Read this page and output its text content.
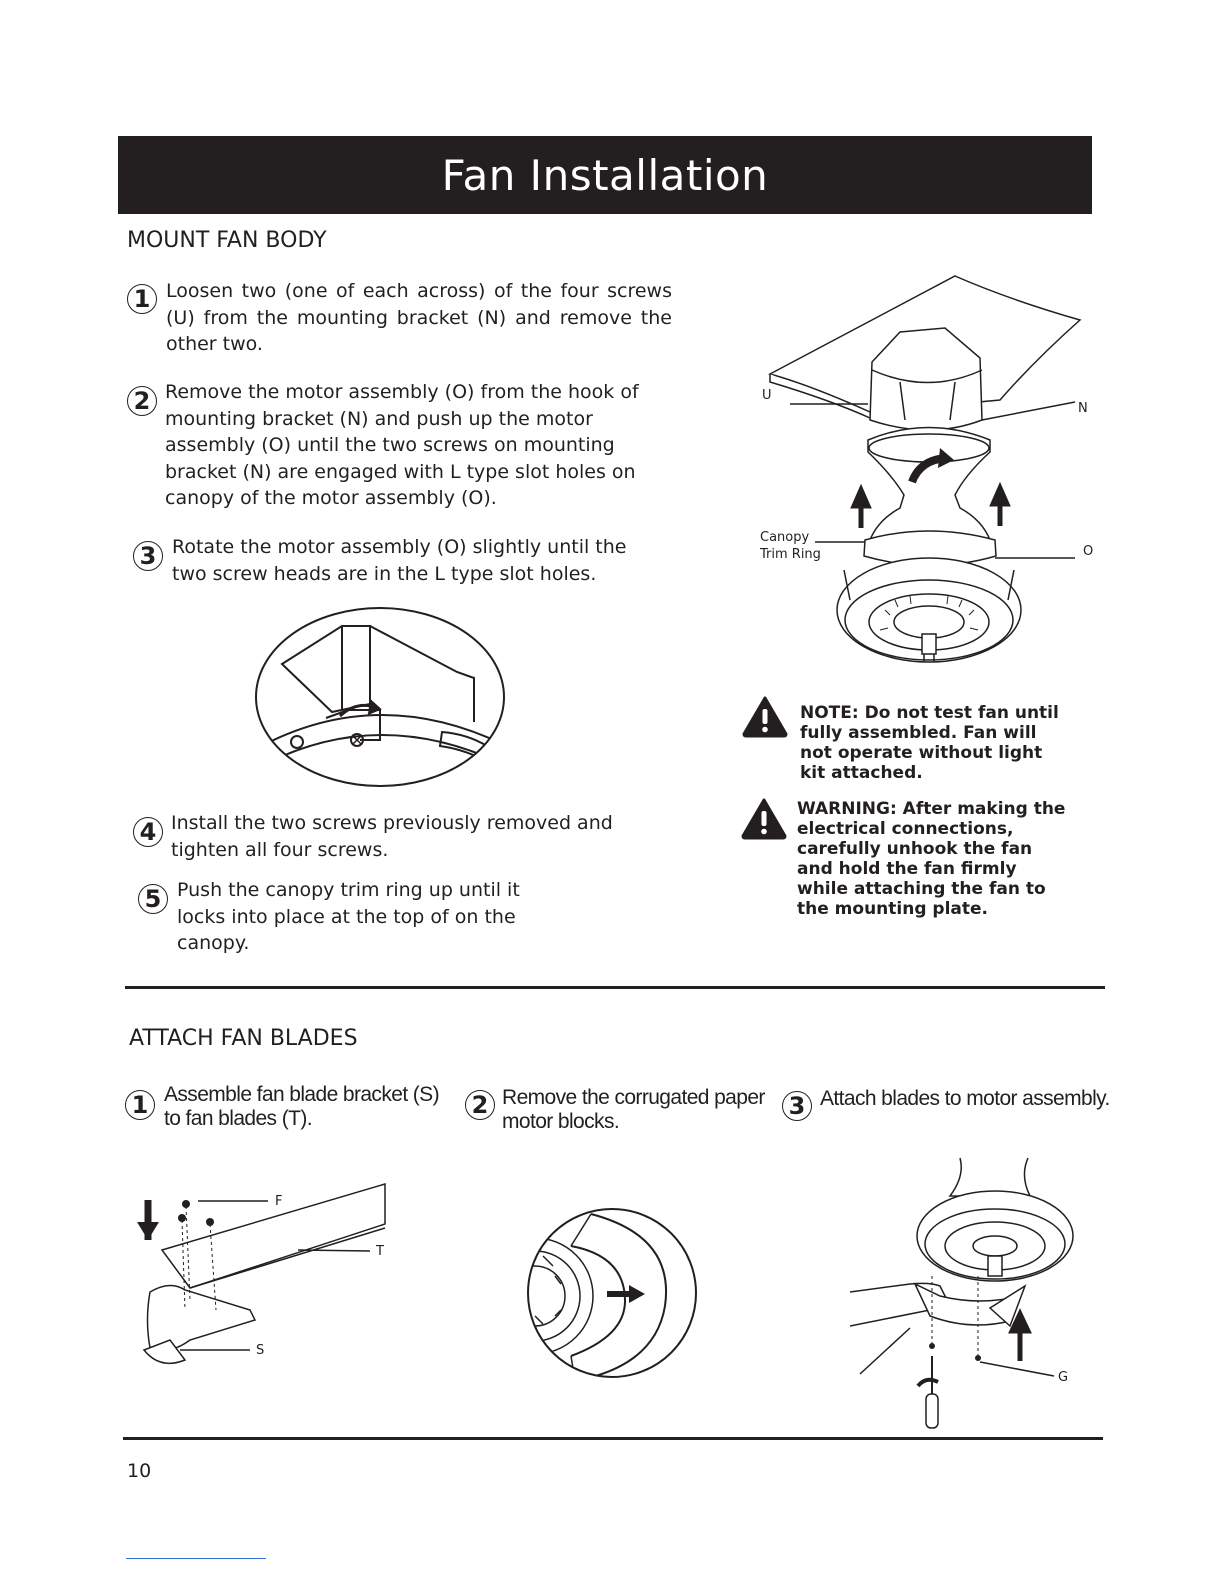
Fan Installation
MOUNT FAN BODY
1 Loosen two (one of each across) of the four screws (U) from the mounting bracket (N) and remove the other two.

2 Remove the motor assembly (O) from the hook of mounting bracket (N) and push up the motor assembly (O) until the two screws on mounting bracket (N) are engaged with L type slot holes on canopy of the motor assembly (O).

3 Rotate the motor assembly (O) slightly until the two screw heads are in the L type slot holes.

4 Install the two screws previously removed and tighten all four screws.

5 Push the canopy trim ring up until it locks into place at the top of on the canopy.

U
N
O
Canopy
Trim Ring

NOTE: Do not test fan until fully assembled. Fan will not operate without light kit attached.

WARNING: After making the electrical connections, carefully unhook the fan and hold the fan firmly while attaching the fan to the mounting plate.

ATTACH FAN BLADES
1 Assemble fan blade bracket (S) to fan blades (T).	2 Remove the corrugated paper motor blocks.

3 Attach blades to motor assembly.

F
T
S
G

10
